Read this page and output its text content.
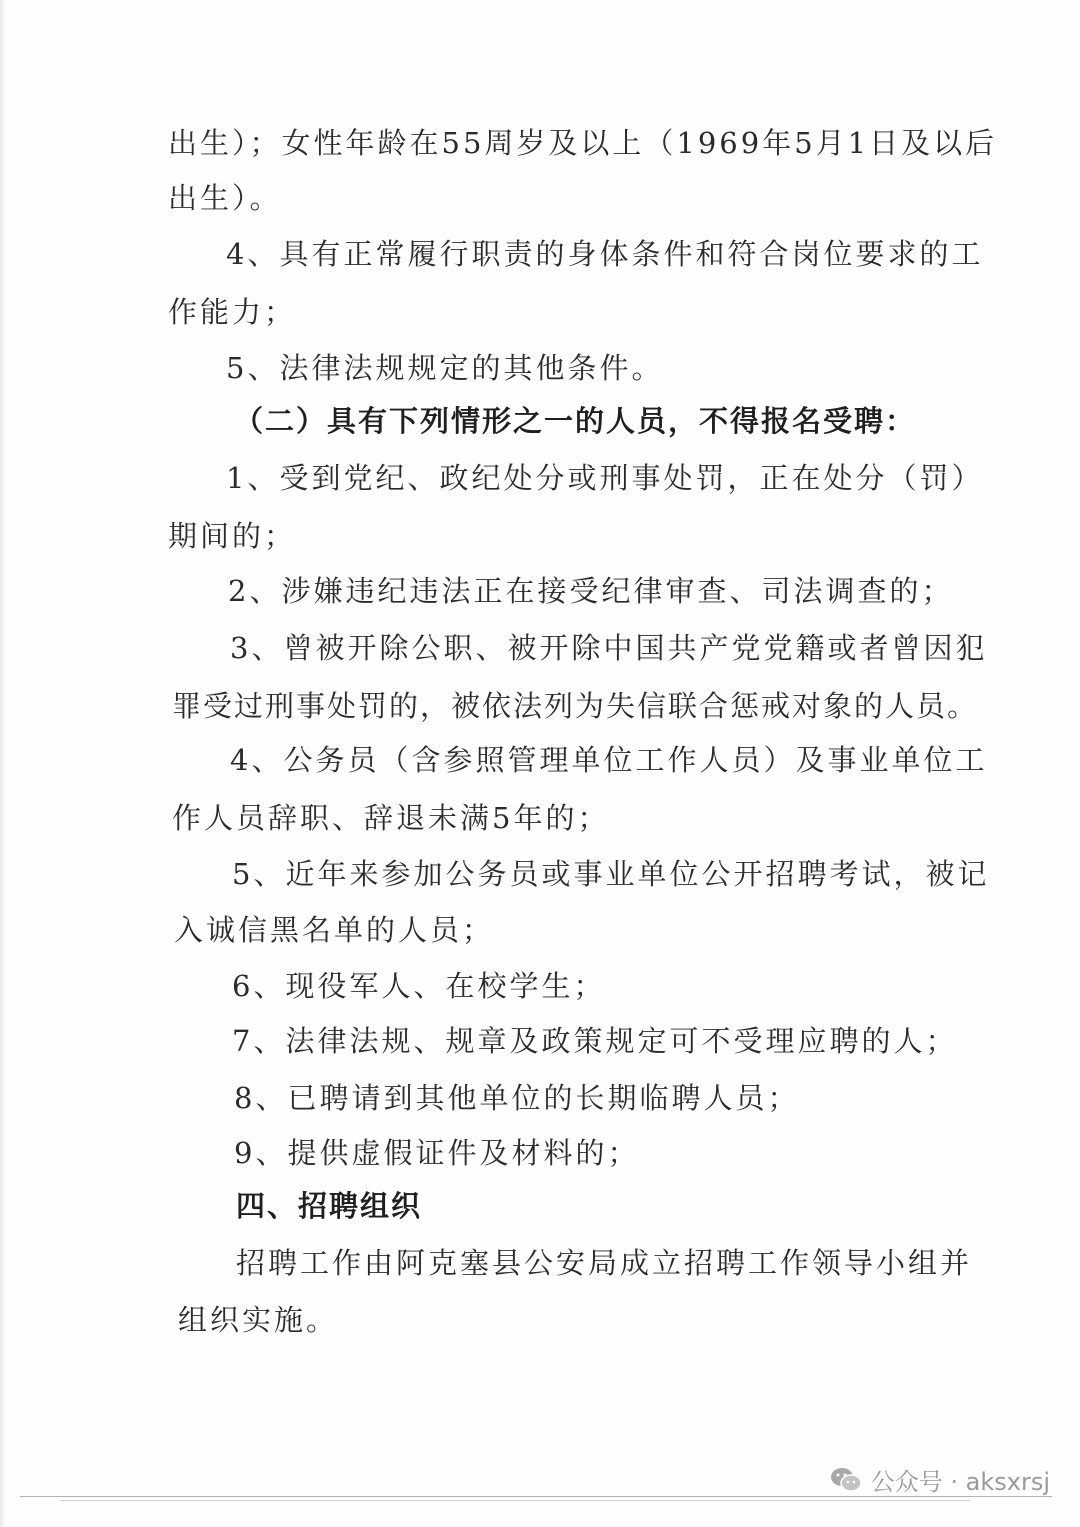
出生）；女性年龄在55周岁及以上（1969年5月1日及以后
出生）。
4、具有正常履行职责的身体条件和符合岗位要求的工
作能力；
5、法律法规规定的其他条件。
（二）具有下列情形之一的人员，不得报名受聘：
1、受到党纪、政纪处分或刑事处罚，正在处分（罚）
期间的；
2、涉嫌违纪违法正在接受纪律审查、司法调查的；
3、曾被开除公职、被开除中国共产党党籍或者曾因犯
罪受过刑事处罚的，被依法列为失信联合惩戒对象的人员。
4、公务员（含参照管理单位工作人员）及事业单位工
作人员辞职、辞退未满5年的；
5、近年来参加公务员或事业单位公开招聘考试，被记
入诚信黑名单的人员；
6、现役军人、在校学生；
7、法律法规、规章及政策规定可不受理应聘的人；
8、已聘请到其他单位的长期临聘人员；
9、提供虚假证件及材料的；
四、招聘组织
招聘工作由阿克塞县公安局成立招聘工作领导小组并
组织实施。
公众号 · aksxrsj
